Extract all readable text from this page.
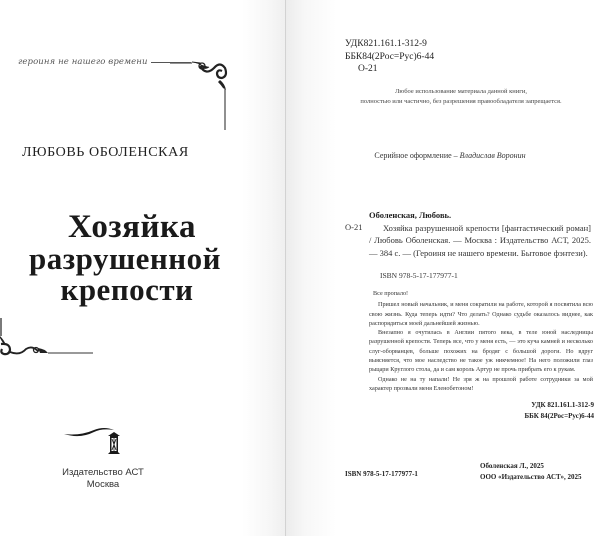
героиня не нашего времени
ЛЮБОВЬ ОБОЛЕНСКАЯ
Хозяйка
разрушенной
крепости
Издательство АСТ
Москва
УДК821.161.1-312-9
ББК84(2Рос=Рус)6-44
О-21
Любое использование материала данной книги,
полностью или частично, без разрешения правообладателя запрещается.
Серийное оформление – Владислав Воронин
Оболенская, Любовь.
О-21	Хозяйка разрушенной крепости [фантастический роман] / Любовь Оболенская. — Москва : Издательство АСТ, 2025. — 384 с. — (Героиня не нашего времени. Бытовое фэнтези).
ISBN 978-5-17-177977-1

Все пропало!

Пришел новый начальник, и меня сократили на работе, которой я посвятила всю свою жизнь. Куда теперь идти? Что делать? Однако судьбе оказалось виднее, как распорядиться моей дальнейшей жизнью.

Внезапно я очутилась в Англии пятого века, в теле юной наследницы разрушенной крепости. Теперь все, что у меня есть, — это куча камней и несколько слуг-оборванцев, больше похожих на бродяг с большой дороги. Но вдруг выясняется, что мое наследство не такое уж никчемное! На него положили глаз рыцари Круглого стола, да и сам король Артур не прочь прибрать его к рукам.

Однако не на ту напали! Не зря ж на прошлой работе сотрудники за мой характер прозвали меня Еленобетоном!

УДК 821.161.1-312-9
ББК 84(2Рос=Рус)6-44
ISBN 978-5-17-177977-1
Оболенская Л., 2025
ООО «Издательство АСТ», 2025
